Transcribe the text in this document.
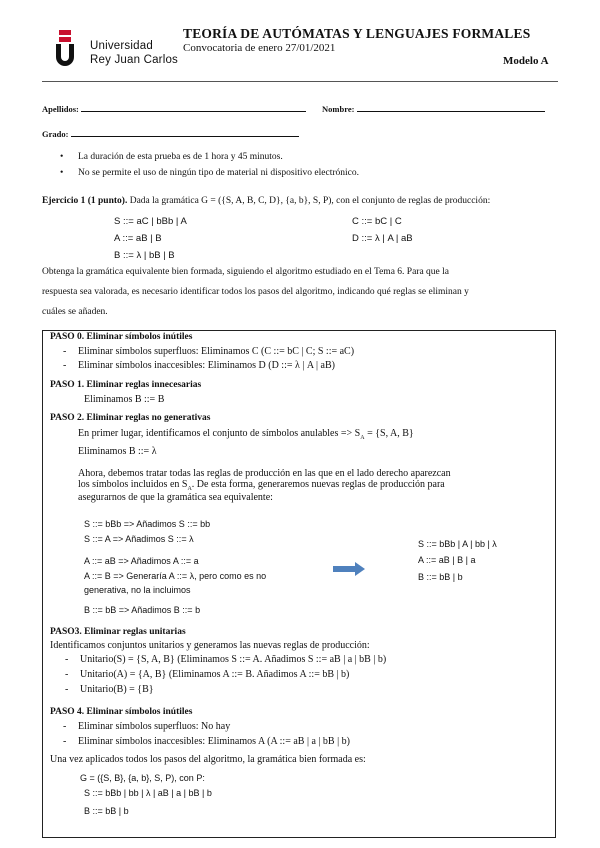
Universidad
Rey Juan Carlos
TEORÍA DE AUTÓMATAS Y LENGUAJES FORMALES
Convocatoria de enero 27/01/2021
Modelo A
Apellidos:	Nombre:
Grado:
• La duración de esta prueba es de 1 hora y 45 minutos.
• No se permite el uso de ningún tipo de material ni dispositivo electrónico.
Ejercicio 1 (1 punto). Dada la gramática G = ({S, A, B, C, D}, {a, b}, S, P), con el conjunto de reglas de producción:
S ::= aC | bBb | A
A ::= aB | B
B ::= λ | bB | B
C ::= bC | C
D ::= λ | A | aB
Obtenga la gramática equivalente bien formada, siguiendo el algoritmo estudiado en el Tema 6. Para que la
respuesta sea valorada, es necesario identificar todos los pasos del algoritmo, indicando qué reglas se eliminan y
cuáles se añaden.
PASO 0. Eliminar símbolos inútiles
- Eliminar símbolos superfluos: Eliminamos C (C ::= bC | C; S ::= aC)
- Eliminar símbolos inaccesibles: Eliminamos D (D ::= λ | A | aB)
PASO 1. Eliminar reglas innecesarias
Eliminamos B ::= B
PASO 2. Eliminar reglas no generativas
En primer lugar, identificamos el conjunto de símbolos anulables => $S_A = \{S$, A, B}
Eliminamos B ::= λ
Ahora, debemos tratar todas las reglas de producción en las que en el lado derecho aparezcan
los símbolos incluidos en $S_A$. De esta forma, generaremos nuevas reglas de producción para
asegurarnos de que la gramática sea equivalente:
S ::= bBb => Añadimos S ::= bb
S ::= A => Añadimos S ::= λ
A ::= aB => Añadimos A ::= a
A ::= B => Generaría A ::= λ, pero como es no
generativa, no la incluimos
B ::= bB => Añadimos B ::= b
S ::= bBb | A | bb | λ
A ::= aB | B | a
B ::= bB | b
PASO3. Eliminar reglas unitarias
Identificamos conjuntos unitarios y generamos las nuevas reglas de producción:
- Unitario(S) = {S, A, B} (Eliminamos S ::= A. Añadimos S ::= aB | a | bB | b)
- Unitario(A) = {A, B} (Eliminamos A ::= B. Añadimos A ::= bB | b)
- Unitario(B) = {B}
PASO 4. Eliminar símbolos inútiles
- Eliminar símbolos superfluos: No hay
- Eliminar símbolos inaccesibles: Eliminamos A (A ::= aB | a | bB | b)
Una vez aplicados todos los pasos del algoritmo, la gramática bien formada es:
G = ({S, B}, {a, b}, S, P), con P:
S ::= bBb | bb | λ | aB | a | bB | b
B ::= bB | b
